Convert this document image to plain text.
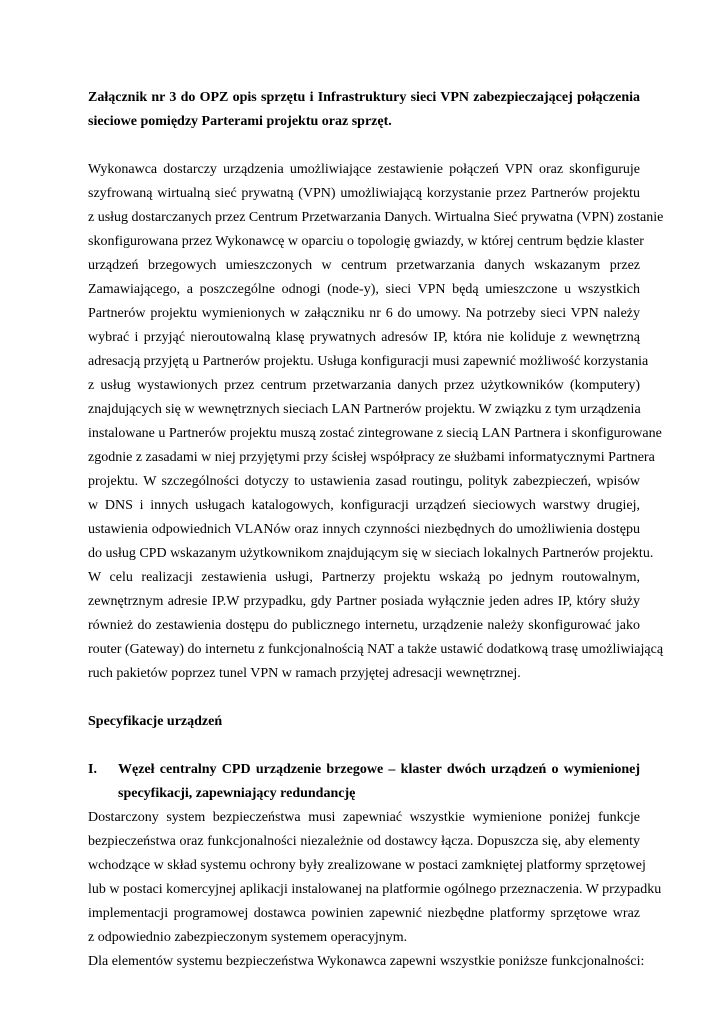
Załącznik nr 3 do OPZ opis sprzętu i Infrastruktury sieci VPN zabezpieczającej połączenia
sieciowe pomiędzy Parterami projektu oraz sprzęt.
Wykonawca dostarczy urządzenia umożliwiające zestawienie połączeń VPN oraz skonfiguruje
szyfrowaną wirtualną sieć prywatną (VPN) umożliwiającą korzystanie przez Partnerów projektu
z usług dostarczanych przez Centrum Przetwarzania Danych. Wirtualna Sieć prywatna (VPN) zostanie
skonfigurowana przez Wykonawcę w oparciu o topologię gwiazdy, w której centrum będzie klaster
urządzeń brzegowych umieszczonych w centrum przetwarzania danych wskazanym przez
Zamawiającego, a poszczególne odnogi (node-y), sieci VPN będą umieszczone u wszystkich
Partnerów projektu wymienionych w załączniku nr 6 do umowy. Na potrzeby sieci VPN należy
wybrać i przyjąć nieroutowalną klasę prywatnych adresów IP, która nie koliduje z wewnętrzną
adresacją przyjętą u Partnerów projektu. Usługa konfiguracji musi zapewnić możliwość korzystania
z usług wystawionych przez centrum przetwarzania danych przez użytkowników (komputery)
znajdujących się w wewnętrznych sieciach LAN Partnerów projektu. W związku z tym urządzenia
instalowane u Partnerów projektu muszą zostać zintegrowane z siecią LAN Partnera i skonfigurowane
zgodnie z zasadami w niej przyjętymi przy ścisłej współpracy ze służbami informatycznymi Partnera
projektu. W szczególności dotyczy to ustawienia zasad routingu, polityk zabezpieczeń, wpisów
w DNS i innych usługach katalogowych, konfiguracji urządzeń sieciowych warstwy drugiej,
ustawienia odpowiednich VLANów oraz innych czynności niezbędnych do umożliwienia dostępu
do usług CPD wskazanym użytkownikom znajdującym się w sieciach lokalnych Partnerów projektu.
W celu realizacji zestawienia usługi, Partnerzy projektu wskażą po jednym routowalnym,
zewnętrznym adresie IP.W przypadku, gdy Partner posiada wyłącznie jeden adres IP, który służy
również do zestawienia dostępu do publicznego internetu, urządzenie należy skonfigurować jako
router (Gateway) do internetu z funkcjonalnością NAT a także ustawić dodatkową trasę umożliwiającą
ruch pakietów poprzez tunel VPN w ramach przyjętej adresacji wewnętrznej.
Specyfikacje urządzeń
I. Węzeł centralny CPD urządzenie brzegowe – klaster dwóch urządzeń o wymienionej
specyfikacji, zapewniający redundancję
Dostarczony system bezpieczeństwa musi zapewniać wszystkie wymienione poniżej funkcje
bezpieczeństwa oraz funkcjonalności niezależnie od dostawcy łącza. Dopuszcza się, aby elementy
wchodzące w skład systemu ochrony były zrealizowane w postaci zamkniętej platformy sprzętowej
lub w postaci komercyjnej aplikacji instalowanej na platformie ogólnego przeznaczenia. W przypadku
implementacji programowej dostawca powinien zapewnić niezbędne platformy sprzętowe wraz
z odpowiednio zabezpieczonym systemem operacyjnym.
Dla elementów systemu bezpieczeństwa Wykonawca zapewni wszystkie poniższe funkcjonalności:
